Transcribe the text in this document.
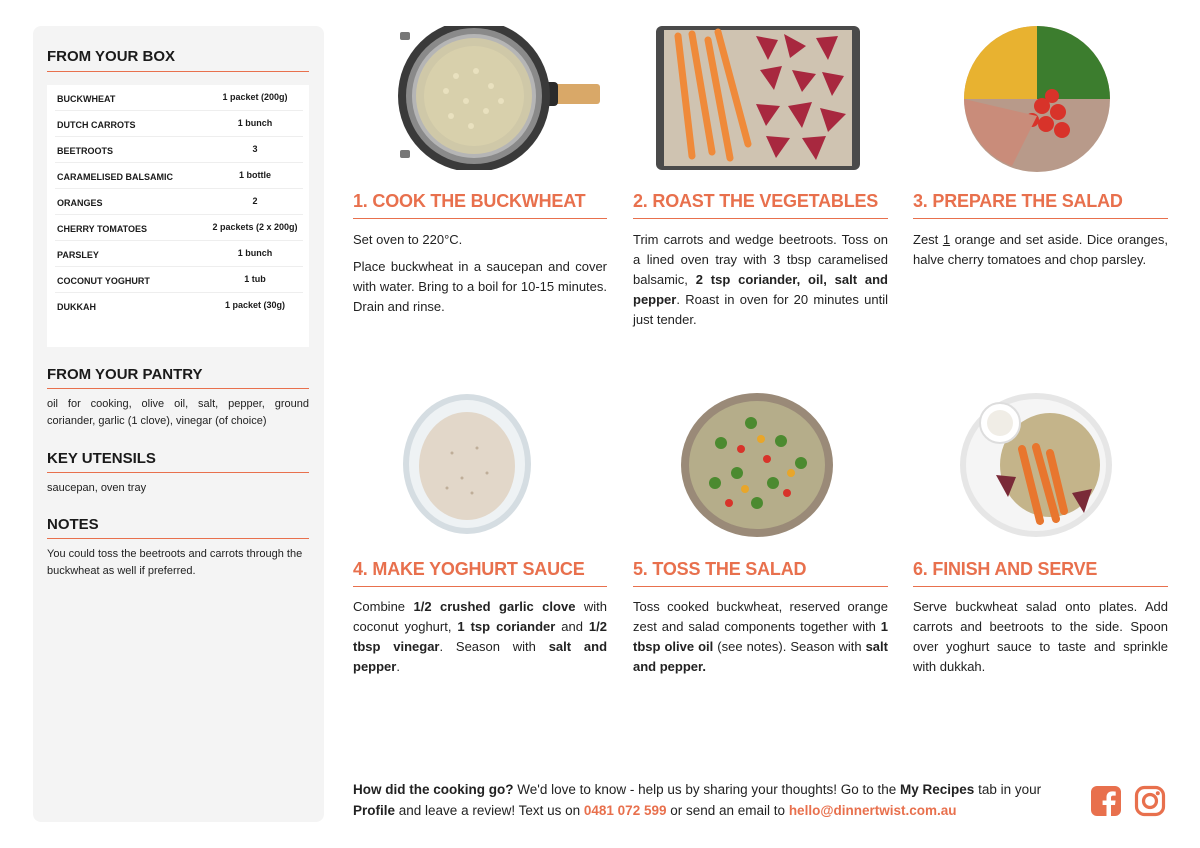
FROM YOUR BOX
BUCKWHEAT	1 packet (200g)
DUTCH CARROTS	1 bunch
BEETROOTS	3
CARAMELISED BALSAMIC	1 bottle
ORANGES	2
CHERRY TOMATOES	2 packets (2 x 200g)
PARSLEY	1 bunch
COCONUT YOGHURT	1 tub
DUKKAH	1 packet (30g)
FROM YOUR PANTRY
oil for cooking, olive oil, salt, pepper, ground coriander, garlic (1 clove), vinegar (of choice)
KEY UTENSILS
saucepan, oven tray
NOTES
You could toss the beetroots and carrots through the buckwheat as well if preferred.
1. COOK THE BUCKWHEAT

Set oven to 220°C.

Place buckwheat in a saucepan and cover with water. Bring to a boil for 10-15 minutes. Drain and rinse.

2. ROAST THE VEGETABLES
Trim carrots and wedge beetroots. Toss on a lined oven tray with 3 tbsp caramelised balsamic, 2 tsp coriander, oil, salt and pepper. Roast in oven for 20 minutes until just tender.
3. PREPARE THE SALAD
Zest 1 orange and set aside. Dice oranges, halve cherry tomatoes and chop parsley.
4. MAKE YOGHURT SAUCE
Combine 1/2 crushed garlic clove with coconut yoghurt, 1 tsp coriander and 1/2 tbsp vinegar. Season with salt and pepper.
5. TOSS THE SALAD
Toss cooked buckwheat, reserved orange zest and salad components together with 1 tbsp olive oil (see notes). Season with salt and pepper.
6. FINISH AND SERVE
Serve buckwheat salad onto plates. Add carrots and beetroots to the side. Spoon over yoghurt sauce to taste and sprinkle with dukkah.
How did the cooking go? We'd love to know - help us by sharing your thoughts! Go to the My Recipes tab in your Profile and leave a review! Text us on 0481 072 599 or send an email to hello@dinnertwist.com.au
